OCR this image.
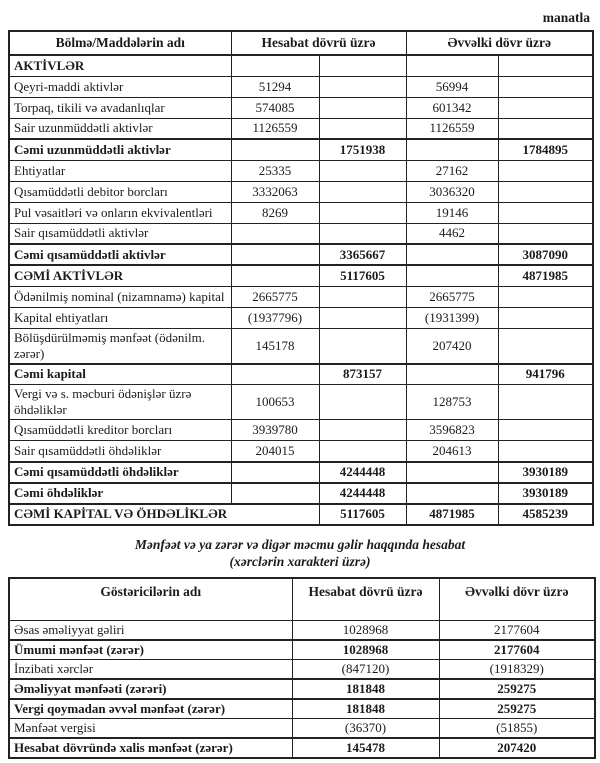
manatla
Bölmə/Maddələrin adı	Hesabat dövrü üzrə		Əvvəlki dövr üzrə	
AKTİVLƏR				
Qeyri-maddi aktivlər	51294		56994	
Torpaq, tikili və avadanlıqlar	574085		601342	
Sair uzunmüddətli aktivlər	1126559		1126559	
Cəmi uzunmüddətli aktivlər		1751938		1784895
Ehtiyatlar	25335		27162	
Qısamüddətli debitor borcları	3332063		3036320	
Pul vəsaitləri və onların ekvivalentləri	8269		19146	
Sair qısamüddətli aktivlər			4462	
Cəmi qısamüddətli aktivlər		3365667		3087090
CƏMİ AKTİVLƏR		5117605		4871985
Ödənilmiş nominal (nizamnamə) kapital	2665775		2665775	
Kapital ehtiyatları	(1937796)		(1931399)	
Bölüşdürülməmiş mənfəət (ödənilm. zərər)	145178		207420	
Cəmi kapital		873157		941796
Vergi və s. məcburi ödənişlər üzrə öhdəliklər	100653		128753	
Qısamüddətli kreditor borcları	3939780		3596823	
Sair qısamüddətli öhdəliklər	204015		204613	
Cəmi qısamüddətli öhdəliklər		4244448		3930189
Cəmi öhdəliklər		4244448		3930189
CƏMİ KAPİTAL VƏ ÖHDƏLİKLƏR		5117605	4871985	4585239
Mənfəət və ya zərər və digər məcmu gəlir haqqında hesabat
(xərclərin xarakteri üzrə)
Göstəricilərin adı	Hesabat dövrü üzrə	Əvvəlki dövr üzrə
Əsas əməliyyat gəliri	1028968	2177604
Ümumi mənfəət (zərər)	1028968	2177604
İnzibati xərclər	(847120)	(1918329)
Əməliyyat mənfəəti (zərəri)	181848	259275
Vergi qoymadan əvvəl mənfəət (zərər)	181848	259275
Mənfəət vergisi	(36370)	(51855)
Hesabat dövründə xalis mənfəət (zərər)	145478	207420
